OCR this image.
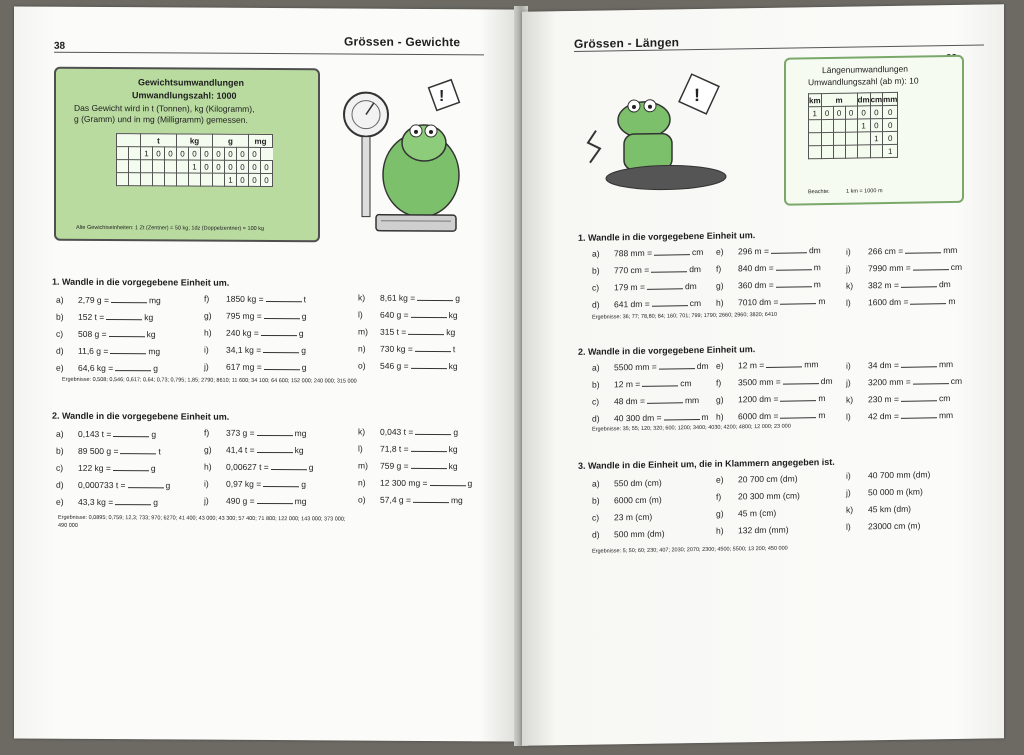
38	Grössen - Gewichte
Gewichtsumwandlungen
Umwandlungszahl: 1000
Das Gewicht wird in t (Tonnen), kg (Kilogramm),
g (Gramm) und in mg (Milligramm) gemessen.
		t			kg			g			mg	
		1	0	0	0	0	0	0	0	0	0	
						1	0	0	0	0	0	0
									1	0	0	0
Alte Gewichtseinheiten: 1 Zt (Zentner) = 50 kg; 1dz (Doppelzentner) = 100 kg
!
1. Wandle in die vorgegebene Einheit um.
a) 2,79 g =	mg
b) 152 t =	kg
c) 508 g =	kg
d) 11,6 g =	mg
e) 64,6 kg =	g
f) 1850 kg =	t
g) 795 mg =	g
h) 240 kg =	g
i) 34,1 kg =	g
j) 617 mg =	g
k) 8,61 kg =	g
l) 640 g =	kg
m) 315 t =	kg
n) 730 kg =	t
o) 546 g =	kg
Ergebnisse: 0,508; 0,546; 0,617; 0,64; 0,73; 0,795; 1,85; 2790; 8610; 11 600; 34 100; 64 600; 152 000; 240 000; 315 000
2. Wandle in die vorgegebene Einheit um.
a) 0,143 t =	g
b) 89 500 g =	t
c) 122 kg =	g
d) 0,000733 t =	g
e) 43,3 kg =	g
f) 373 g =	mg
g) 41,4 t =	kg
h) 0,00627 t =	g
i) 0,97 kg =	g
j) 490 g =	mg
k) 0,043 t =	g
l) 71,8 t =	kg
m) 759 g =	kg
n) 12 300 mg =	g
o) 57,4 g =	mg
Ergebnisse: 0,0895; 0,759; 12,3; 733; 970; 6270; 41 400; 43 000; 43 300; 57 400; 71 800; 122 000; 143 000; 373 000;
490 000
Grössen - Längen
!
Längenumwandlungen
Umwandlungszahl (ab m): 10
km	m			dm	cm	mm
1	0	0	0	0	0	0
				1	0	0
					1	0
						1
Beachte:	1 km = 1000 m
1. Wandle in die vorgegebene Einheit um.
a) 788 mm =	cm
b) 770 cm =	dm
c) 179 m =	dm
d) 641 dm =	cm
e) 296 m =	dm
f) 840 dm =	m
g) 360 dm =	m
h) 7010 dm =	m
i) 266 cm =	mm
j) 7990 mm =	cm
k) 382 m =	dm
l) 1600 dm =	m
Ergebnisse: 36; 77; 78,80; 84; 160; 701; 799; 1790; 2660; 2960; 3820; 6410
2. Wandle in die vorgegebene Einheit um.
a) 5500 mm =	dm
b) 12 m =	cm
c) 48 dm =	mm
d) 40 300 dm =	m
e) 12 m =	mm
f) 3500 mm =	dm
g) 1200 dm =	m
h) 6000 dm =	m
i) 34 dm =	mm
j) 3200 mm =	cm
k) 230 m =	cm
l) 42 dm =	mm
Ergebnisse: 35; 55; 120; 320; 600; 1200; 3400; 4030; 4200; 4800; 12 000; 23 000
3. Wandle in die Einheit um, die in Klammern angegeben ist.
a) 550 dm (cm)
b) 6000 cm (m)
c) 23 m (cm)
d) 500 mm (dm)
e) 20 700 cm (dm)
f) 20 300 mm (cm)
g) 45 m (cm)
h) 132 dm (mm)
i) 40 700 mm (dm)
j) 50 000 m (km)
k) 45 km (dm)
l) 23000 cm (m)
Ergebnisse: 5; 50; 60; 230; 407; 2030; 2070; 2300; 4500; 5500; 13 200; 450 000
